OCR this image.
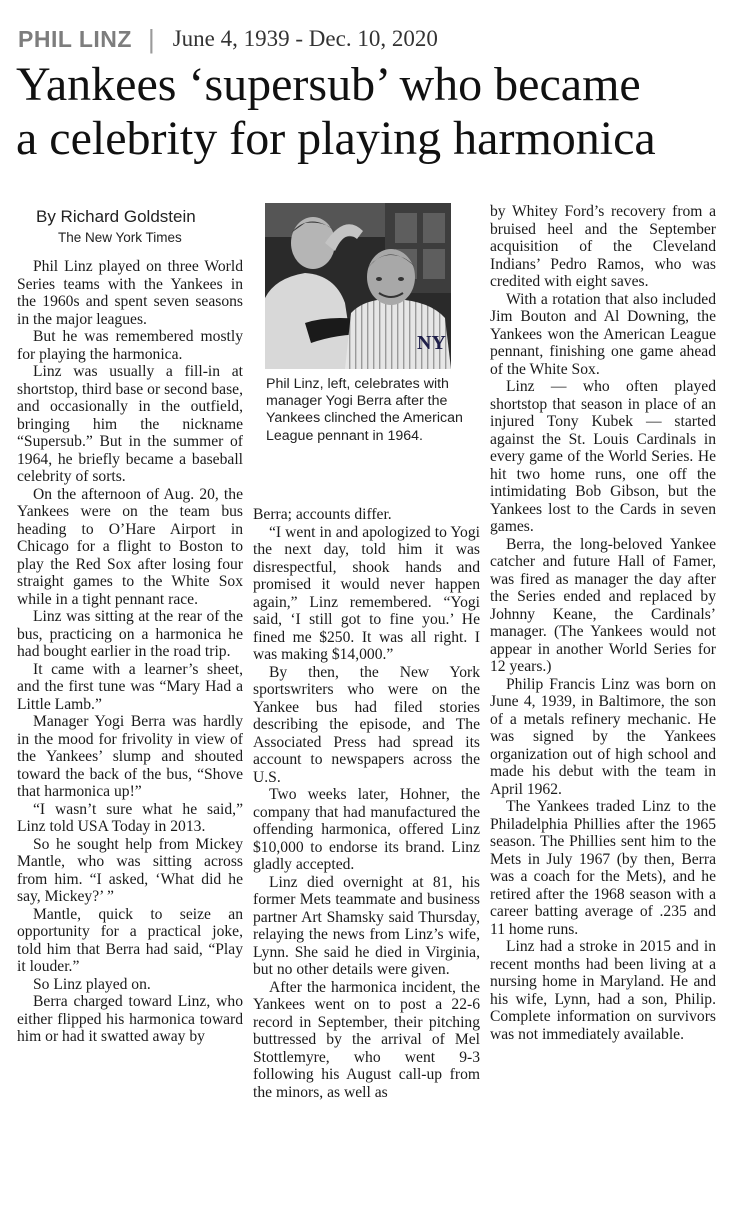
PHIL LINZ | June 4, 1939 - Dec. 10, 2020
Yankees ‘supersub’ who became
a celebrity for playing harmonica
By Richard Goldstein
The New York Times
NY
Phil Linz, left, celebrates with manager Yogi Berra after the Yankees clinched the American League pennant in 1964.

Phil Linz played on three World Series teams with the Yankees in the 1960s and spent seven seasons in the major leagues.

But he was remembered mostly for playing the harmonica.

Linz was usually a fill-in at shortstop, third base or second base, and occasionally in the outfield, bringing him the nickname “Supersub.” But in the summer of 1964, he briefly became a baseball celebrity of sorts.

On the afternoon of Aug. 20, the Yankees were on the team bus heading to O’Hare Airport in Chicago for a flight to Boston to play the Red Sox after losing four straight games to the White Sox while in a tight pennant race.

Linz was sitting at the rear of the bus, practicing on a harmonica he had bought earlier in the road trip.

It came with a learner’s sheet, and the first tune was “Mary Had a Little Lamb.”

Manager Yogi Berra was hardly in the mood for frivolity in view of the Yankees’ slump and shouted toward the back of the bus, “Shove that harmonica up!”

“I wasn’t sure what he said,” Linz told USA Today in 2013.

So he sought help from Mickey Mantle, who was sitting across from him. “I asked, ‘What did he say, Mickey?’ ”

Mantle, quick to seize an opportunity for a practical joke, told him that Berra had said, “Play it louder.”

So Linz played on.

Berra charged toward Linz, who either flipped his harmonica toward him or had it swatted away by

Berra; accounts differ.

“I went in and apologized to Yogi the next day, told him it was disrespectful, shook hands and promised it would never happen again,” Linz remembered. “Yogi said, ‘I still got to fine you.’ He fined me $250. It was all right. I was making $14,000.”

By then, the New York sportswriters who were on the Yankee bus had filed stories describing the episode, and The Associated Press had spread its account to newspapers across the U.S.

Two weeks later, Hohner, the company that had manufactured the offending harmonica, offered Linz $10,000 to endorse its brand. Linz gladly accepted.

Linz died overnight at 81, his former Mets teammate and business partner Art Shamsky said Thursday, relaying the news from Linz’s wife, Lynn. She said he died in Virginia, but no other details were given.

After the harmonica incident, the Yankees went on to post a 22-6 record in September, their pitching buttressed by the arrival of Mel Stottlemyre, who went 9-3 following his August call-up from the minors, as well as

by Whitey Ford’s recovery from a bruised heel and the September acquisition of the Cleveland Indians’ Pedro Ramos, who was credited with eight saves.

With a rotation that also included Jim Bouton and Al Downing, the Yankees won the American League pennant, finishing one game ahead of the White Sox.

Linz — who often played shortstop that season in place of an injured Tony Kubek — started against the St. Louis Cardinals in every game of the World Series. He hit two home runs, one off the intimidating Bob Gibson, but the Yankees lost to the Cards in seven games.

Berra, the long-beloved Yankee catcher and future Hall of Famer, was fired as manager the day after the Series ended and replaced by Johnny Keane, the Cardinals’ manager. (The Yankees would not appear in another World Series for 12 years.)

Philip Francis Linz was born on June 4, 1939, in Baltimore, the son of a metals refinery mechanic. He was signed by the Yankees organization out of high school and made his debut with the team in April 1962.

The Yankees traded Linz to the Philadelphia Phillies after the 1965 season. The Phillies sent him to the Mets in July 1967 (by then, Berra was a coach for the Mets), and he retired after the 1968 season with a career batting average of .235 and 11 home runs.

Linz had a stroke in 2015 and in recent months had been living at a nursing home in Maryland. He and his wife, Lynn, had a son, Philip. Complete information on survivors was not immediately available.
